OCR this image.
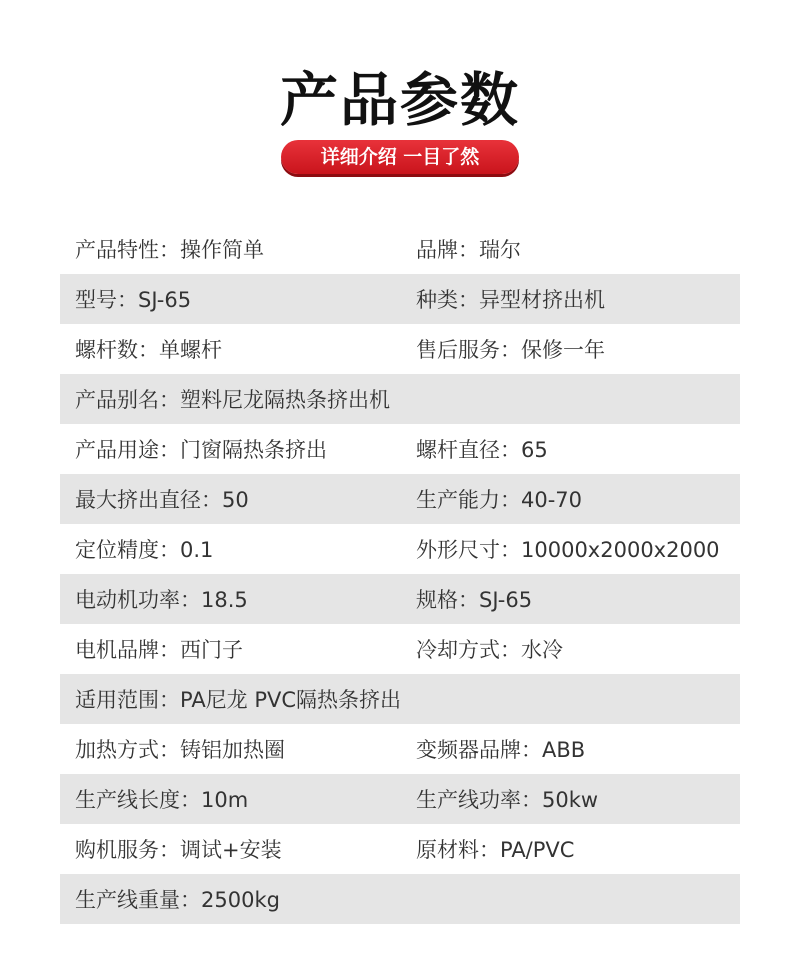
产品参数
详细介绍 一目了然
产品特性：操作简单	品牌：瑞尔
型号：SJ-65	种类：异型材挤出机
螺杆数：单螺杆	售后服务：保修一年
产品别名：塑料尼龙隔热条挤出机
产品用途：门窗隔热条挤出	螺杆直径：65
最大挤出直径：50	生产能力：40-70
定位精度：0.1	外形尺寸：10000x2000x2000
电动机功率：18.5	规格：SJ-65
电机品牌：西门子	冷却方式：水冷
适用范围：PA尼龙 PVC隔热条挤出
加热方式：铸铝加热圈	变频器品牌：ABB
生产线长度：10m	生产线功率：50kw
购机服务：调试+安装	原材料：PA/PVC
生产线重量：2500kg
